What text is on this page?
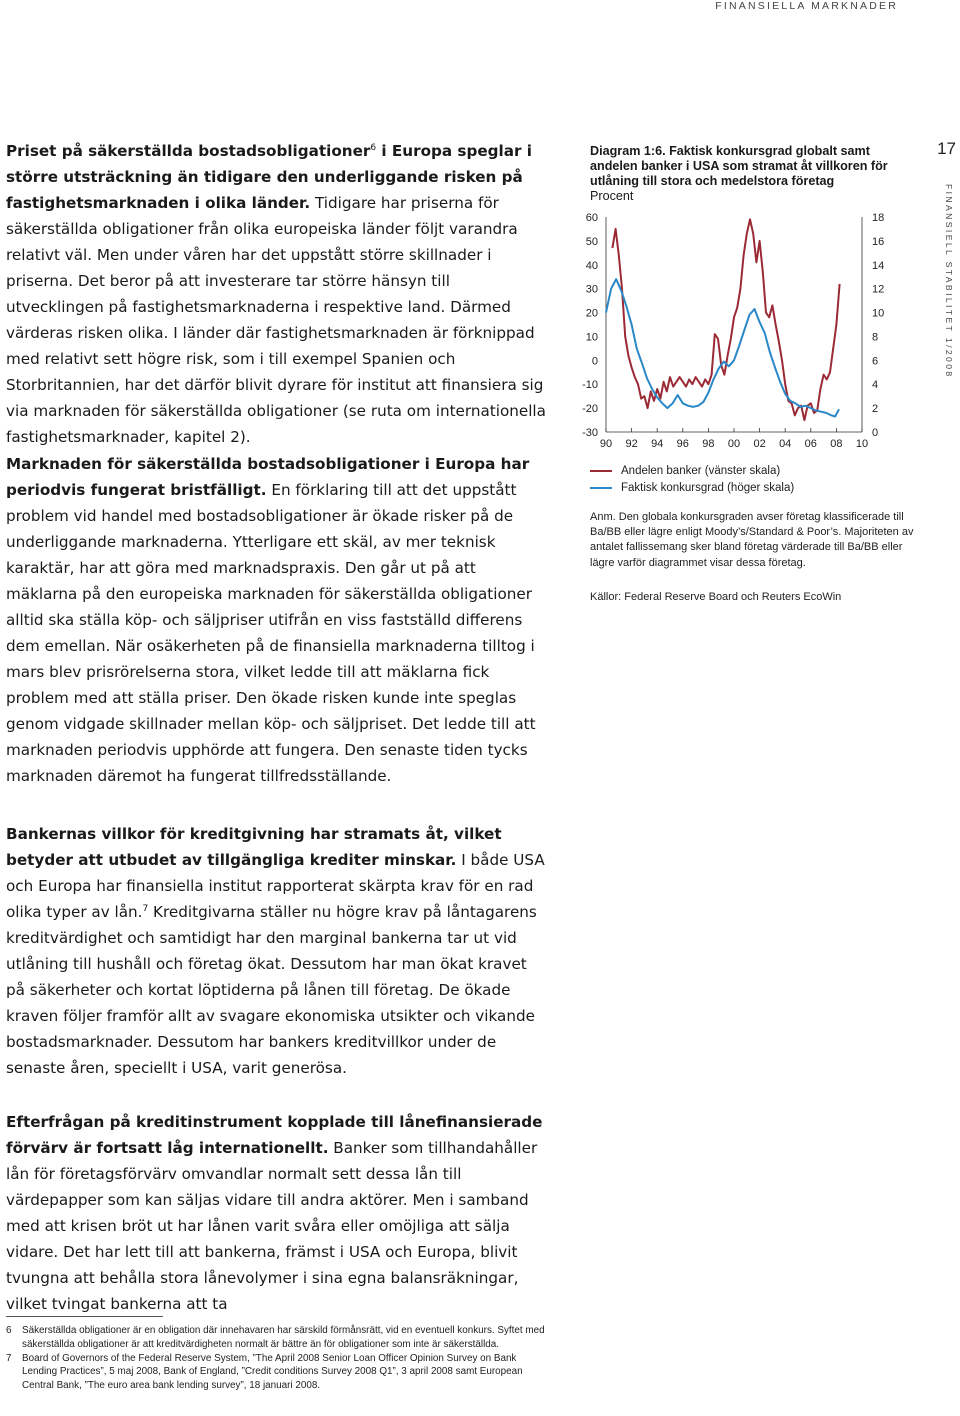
FINANSIELLA MARKNADER

Priset på säkerställda bostadsobligationer$^6$ i Europa speglar i större utsträckning än tidigare den underliggande risken på fastighetsmarknaden i olika länder. Tidigare har priserna för säkerställda obligationer från olika europeiska länder följt varandra relativt väl. Men under våren har det uppstått större skillnader i priserna. Det beror på att investerare tar större hänsyn till utvecklingen på fastighetsmarknaderna i respektive land. Därmed värderas risken olika. I länder där fastighetsmarknaden är förknippad med relativt sett högre risk, som i till exempel Spanien och Storbritannien, har det därför blivit dyrare för institut att finansiera sig via marknaden för säkerställda obligationer (se ruta om internationella fastighetsmarknader, kapitel 2).

Marknaden för säkerställda bostadsobligationer i Europa har periodvis fungerat bristfälligt. En förklaring till att det uppstått problem vid handel med bostadsobligationer är ökade risker på de underliggande marknaderna. Ytterligare ett skäl, av mer teknisk karaktär, har att göra med marknadspraxis. Den går ut på att mäklarna på den europeiska marknaden för säkerställda obligationer alltid ska ställa köp- och säljpriser utifrån en viss fastställd differens dem emellan. När osäkerheten på de finansiella marknaderna tilltog i mars blev prisrörelserna stora, vilket ledde till att mäklarna fick problem med att ställa priser. Den ökade risken kunde inte speglas genom vidgade skillnader mellan köp- och säljpriset. Det ledde till att marknaden periodvis upphörde att fungera. Den senaste tiden tycks marknaden däremot ha fungerat tillfredsställande.

Bankernas villkor för kreditgivning har stramats åt, vilket betyder att utbudet av tillgängliga krediter minskar. I både USA och Europa har finansiella institut rapporterat skärpta krav för en rad olika typer av lån.$^7$ Kreditgivarna ställer nu högre krav på låntagarens kreditvärdighet och samtidigt har den marginal bankerna tar ut vid utlåning till hushåll och företag ökat. Dessutom har man ökat kravet på säkerheter och kortat löptiderna på lånen till företag. De ökade kraven följer framför allt av svagare ekonomiska utsikter och vikande bostadsmarknader. Dessutom har bankers kreditvillkor under de senaste åren, speciellt i USA, varit generösa.

Efterfrågan på kreditinstrument kopplade till lånefinansierade förvärv är fortsatt låg internationellt. Banker som tillhandahåller lån för företagsförvärv omvandlar normalt sett dessa lån till värdepapper som kan säljas vidare till andra aktörer. Men i samband med att krisen bröt ut har lånen varit svåra eller omöjliga att sälja vidare. Det har lett till att bankerna, främst i USA och Europa, blivit tvungna att behålla stora lånevolymer i sina egna balansräkningar, vilket tvingat bankerna att ta

Diagram 1:6. Faktisk konkursgrad globalt samt andelen banker i USA som stramat åt villkoren för utlåning till stora och medelstora företag
Procent
60
50
40
30
20
10
0
-10
-20
-30
18
16
14
12
10
8
6
4
2
0
90 92 94 96 98 00 02 04 06 08 10
Andelen banker (vänster skala)
Faktisk konkursgrad (höger skala)
Anm. Den globala konkursgraden avser företag klassificerade till Ba/BB eller lägre enligt Moody’s/Standard & Poor’s. Majoriteten av antalet fallissemang sker bland företag värderade till Ba/BB eller lägre varför diagrammet visar dessa företag.
Källor: Federal Reserve Board och Reuters EcoWin
17
FINANSIELL STABILITET 1/2008
6	Säkerställda obligationer är en obligation där innehavaren har särskild förmånsrätt, vid en eventuell konkurs. Syftet med säkerställda obligationer är att kreditvärdigheten normalt är bättre än för obligationer som inte är säkerställda.
7	Board of Governors of the Federal Reserve System, ”The April 2008 Senior Loan Officer Opinion Survey on Bank Lending Practices”, 5 maj 2008, Bank of England, ”Credit conditions Survey 2008 Q1”, 3 april 2008 samt European Central Bank, ”The euro area bank lending survey”, 18 januari 2008.
